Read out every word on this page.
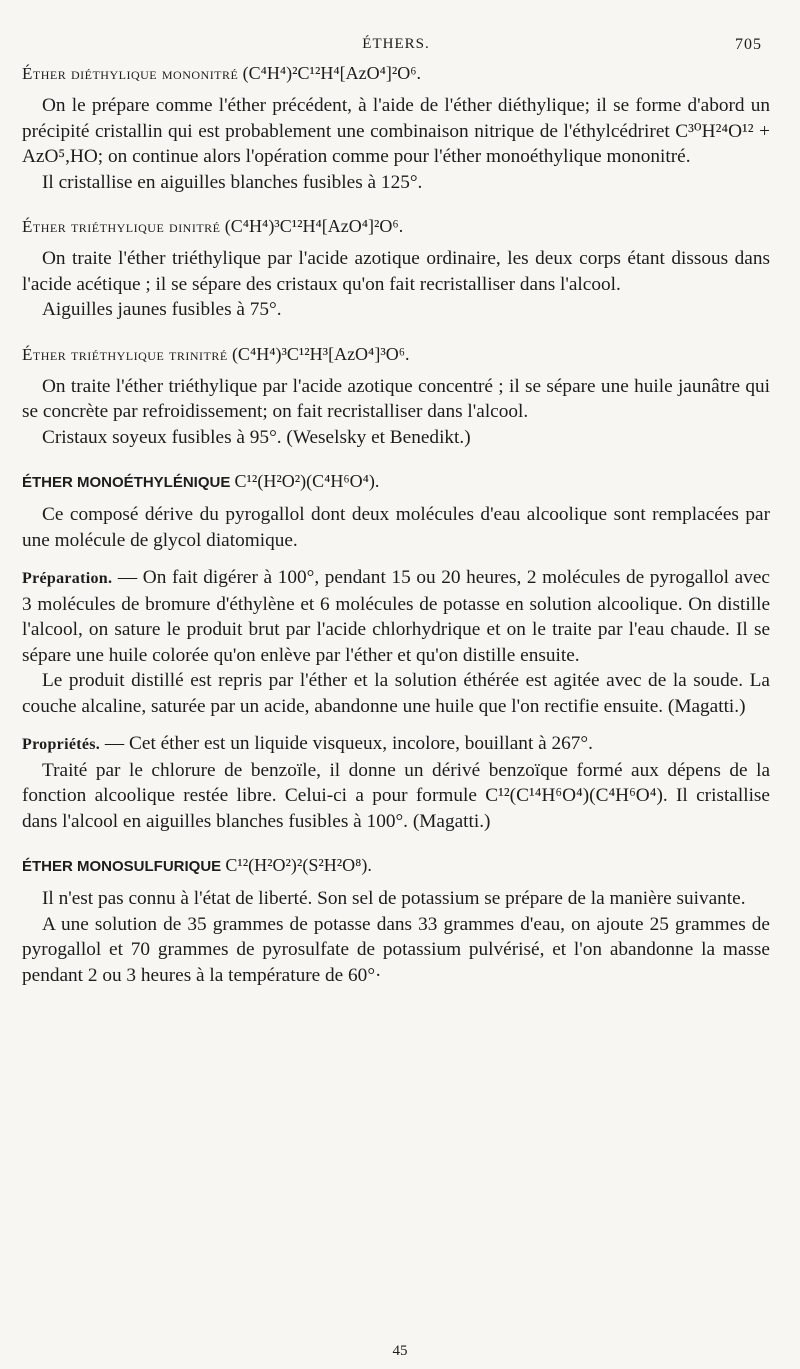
ÉTHERS.	705
Éther diéthylique mononitré (C⁴H⁴)²C¹²H⁴[AzO⁴]²O⁶.

On le prépare comme l'éther précédent, à l'aide de l'éther diéthylique; il se forme d'abord un précipité cristallin qui est probablement une combinaison nitrique de l'éthylcédriret C³⁰H²⁴O¹² + AzO⁵,HO; on continue alors l'opération comme pour l'éther monoéthylique mononitré.

Il cristallise en aiguilles blanches fusibles à 125°.

Éther triéthylique dinitré (C⁴H⁴)³C¹²H⁴[AzO⁴]²O⁶.

On traite l'éther triéthylique par l'acide azotique ordinaire, les deux corps étant dissous dans l'acide acétique ; il se sépare des cristaux qu'on fait recristalliser dans l'alcool.

Aiguilles jaunes fusibles à 75°.

Éther triéthylique trinitré (C⁴H⁴)³C¹²H³[AzO⁴]³O⁶.

On traite l'éther triéthylique par l'acide azotique concentré ; il se sépare une huile jaunâtre qui se concrète par refroidissement; on fait recristalliser dans l'alcool.

Cristaux soyeux fusibles à 95°. (Weselsky et Benedikt.)

ÉTHER MONOÉTHYLÉNIQUE C¹²(H²O²)(C⁴H⁶O⁴).

Ce composé dérive du pyrogallol dont deux molécules d'eau alcoolique sont remplacées par une molécule de glycol diatomique.

Préparation. — On fait digérer à 100°, pendant 15 ou 20 heures, 2 molécules de pyrogallol avec 3 molécules de bromure d'éthylène et 6 molécules de potasse en solution alcoolique. On distille l'alcool, on sature le produit brut par l'acide chlorhydrique et on le traite par l'eau chaude. Il se sépare une huile colorée qu'on enlève par l'éther et qu'on distille ensuite.

Le produit distillé est repris par l'éther et la solution éthérée est agitée avec de la soude. La couche alcaline, saturée par un acide, abandonne une huile que l'on rectifie ensuite. (Magatti.)

Propriétés. — Cet éther est un liquide visqueux, incolore, bouillant à 267°.

Traité par le chlorure de benzoïle, il donne un dérivé benzoïque formé aux dépens de la fonction alcoolique restée libre. Celui-ci a pour formule C¹²(C¹⁴H⁶O⁴)(C⁴H⁶O⁴). Il cristallise dans l'alcool en aiguilles blanches fusibles à 100°. (Magatti.)

ÉTHER MONOSULFURIQUE C¹²(H²O²)²(S²H²O⁸).

Il n'est pas connu à l'état de liberté. Son sel de potassium se prépare de la manière suivante.

A une solution de 35 grammes de potasse dans 33 grammes d'eau, on ajoute 25 grammes de pyrogallol et 70 grammes de pyrosulfate de potassium pulvérisé, et l'on abandonne la masse pendant 2 ou 3 heures à la température de 60°·

45
